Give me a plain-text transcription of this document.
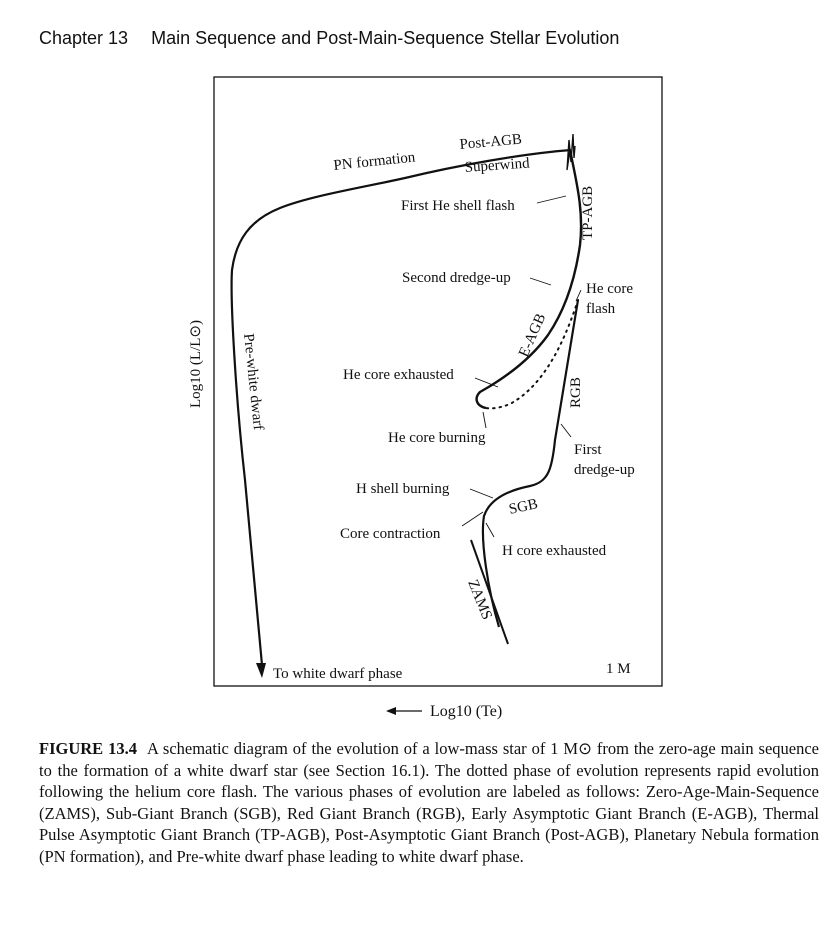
Chapter 13 Main Sequence and Post-Main-Sequence Stellar Evolution
Post-AGB
PN formation	Superwind
First He shell flash	TP-AGB
Second dredge-up
He core
flash
E-AGB
He core exhausted
He core burning
RGB
First
dredge-up
H shell burning
SGB
Core contraction
H core exhausted
ZAMS
Pre-white dwarf
To white dwarf phase	1 M
Log10 (L/L⊙)
Log10 (Te)
FIGURE 13.4 A schematic diagram of the evolution of a low-mass star of 1 M⊙ from the zero-age main sequence to the formation of a white dwarf star (see Section 16.1). The dotted phase of evolution represents rapid evolution following the helium core flash. The various phases of evolution are labeled as follows: Zero-Age-Main-Sequence (ZAMS), Sub-Giant Branch (SGB), Red Giant Branch (RGB), Early Asymptotic Giant Branch (E-AGB), Thermal Pulse Asymptotic Giant Branch (TP-AGB), Post-Asymptotic Giant Branch (Post-AGB), Planetary Nebula formation (PN formation), and Pre-white dwarf phase leading to white dwarf phase.
